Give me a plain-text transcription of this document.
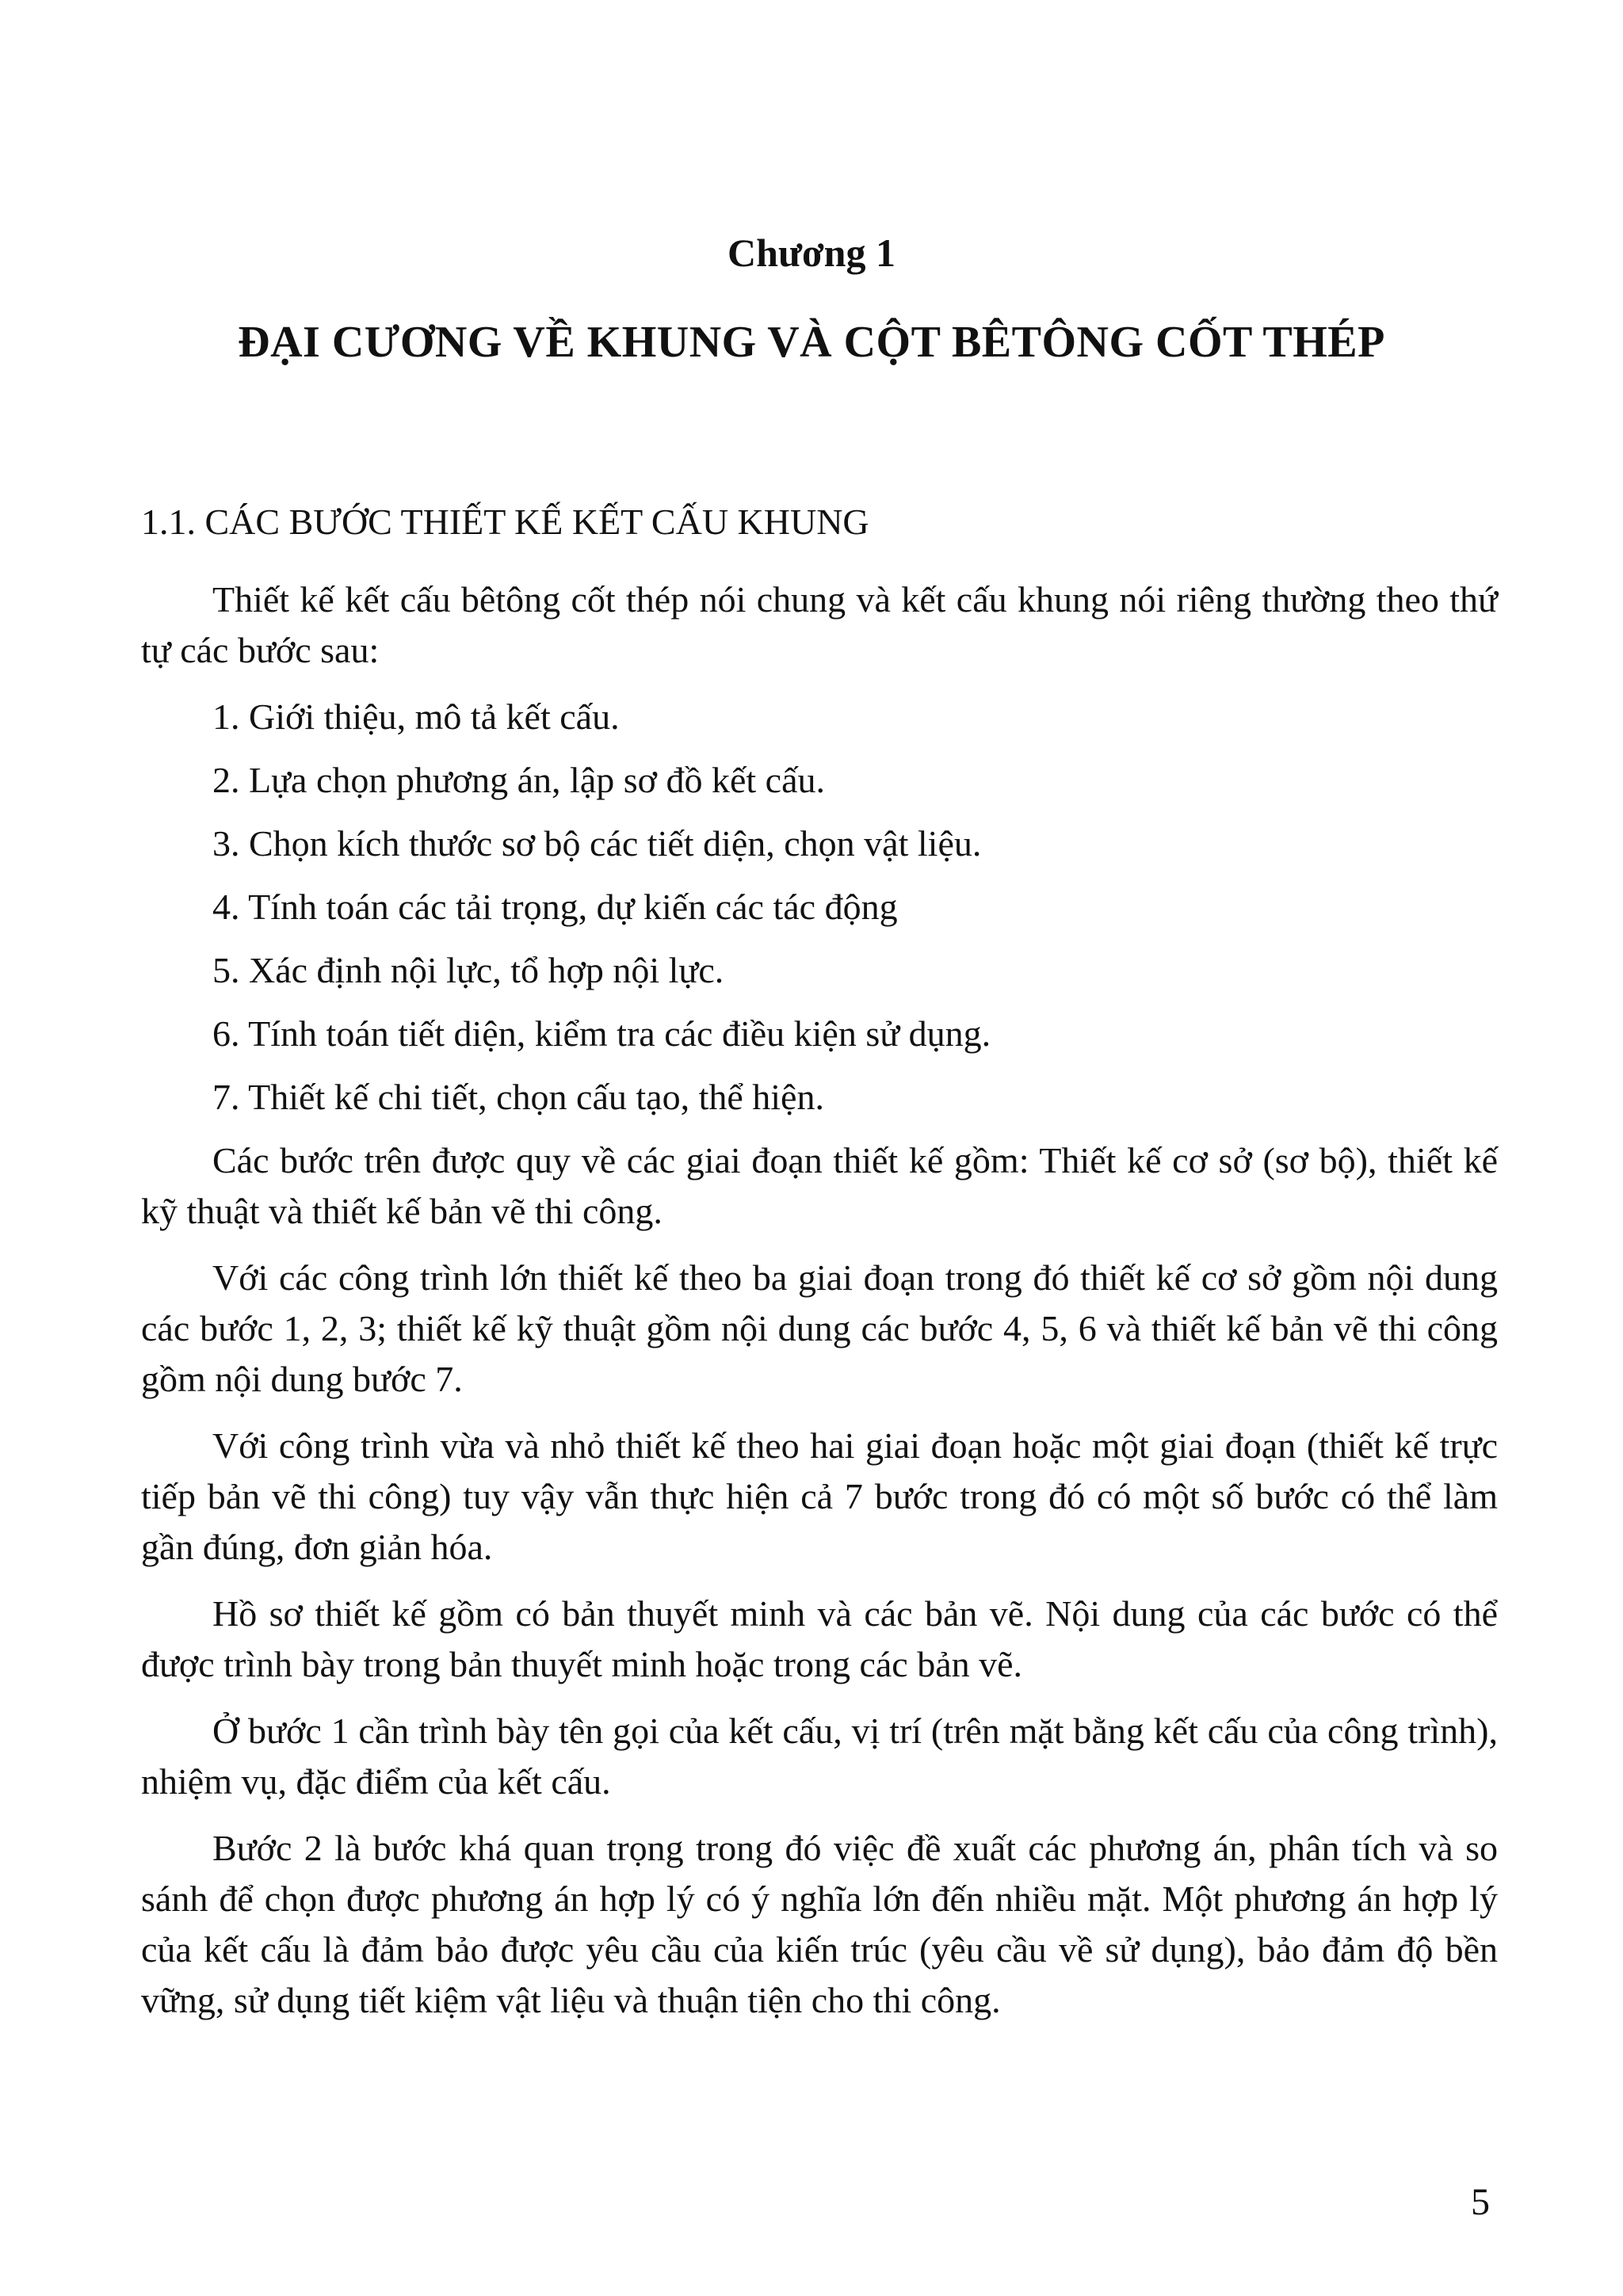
Chương 1
ĐẠI CƯƠNG VỀ KHUNG VÀ CỘT BÊTÔNG CỐT THÉP
1.1. CÁC BƯỚC THIẾT KẾ KẾT CẤU KHUNG

Thiết kế kết cấu bêtông cốt thép nói chung và kết cấu khung nói riêng thường theo thứ tự các bước sau:

1. Giới thiệu, mô tả kết cấu.

2. Lựa chọn phương án, lập sơ đồ kết cấu.

3. Chọn kích thước sơ bộ các tiết diện, chọn vật liệu.

4. Tính toán các tải trọng, dự kiến các tác động

5. Xác định nội lực, tổ hợp nội lực.

6. Tính toán tiết diện, kiểm tra các điều kiện sử dụng.

7. Thiết kế chi tiết, chọn cấu tạo, thể hiện.

Các bước trên được quy về các giai đoạn thiết kế gồm: Thiết kế cơ sở (sơ bộ), thiết kế kỹ thuật và thiết kế bản vẽ thi công.

Với các công trình lớn thiết kế theo ba giai đoạn trong đó thiết kế cơ sở gồm nội dung các bước 1, 2, 3; thiết kế kỹ thuật gồm nội dung các bước 4, 5, 6 và thiết kế bản vẽ thi công gồm nội dung bước 7.

Với công trình vừa và nhỏ thiết kế theo hai giai đoạn hoặc một giai đoạn (thiết kế trực tiếp bản vẽ thi công) tuy vậy vẫn thực hiện cả 7 bước trong đó có một số bước có thể làm gần đúng, đơn giản hóa.

Hồ sơ thiết kế gồm có bản thuyết minh và các bản vẽ. Nội dung của các bước có thể được trình bày trong bản thuyết minh hoặc trong các bản vẽ.

Ở bước 1 cần trình bày tên gọi của kết cấu, vị trí (trên mặt bằng kết cấu của công trình), nhiệm vụ, đặc điểm của kết cấu.

Bước 2 là bước khá quan trọng trong đó việc đề xuất các phương án, phân tích và so sánh để chọn được phương án hợp lý có ý nghĩa lớn đến nhiều mặt. Một phương án hợp lý của kết cấu là đảm bảo được yêu cầu của kiến trúc (yêu cầu về sử dụng), bảo đảm độ bền vững, sử dụng tiết kiệm vật liệu và thuận tiện cho thi công.

5
